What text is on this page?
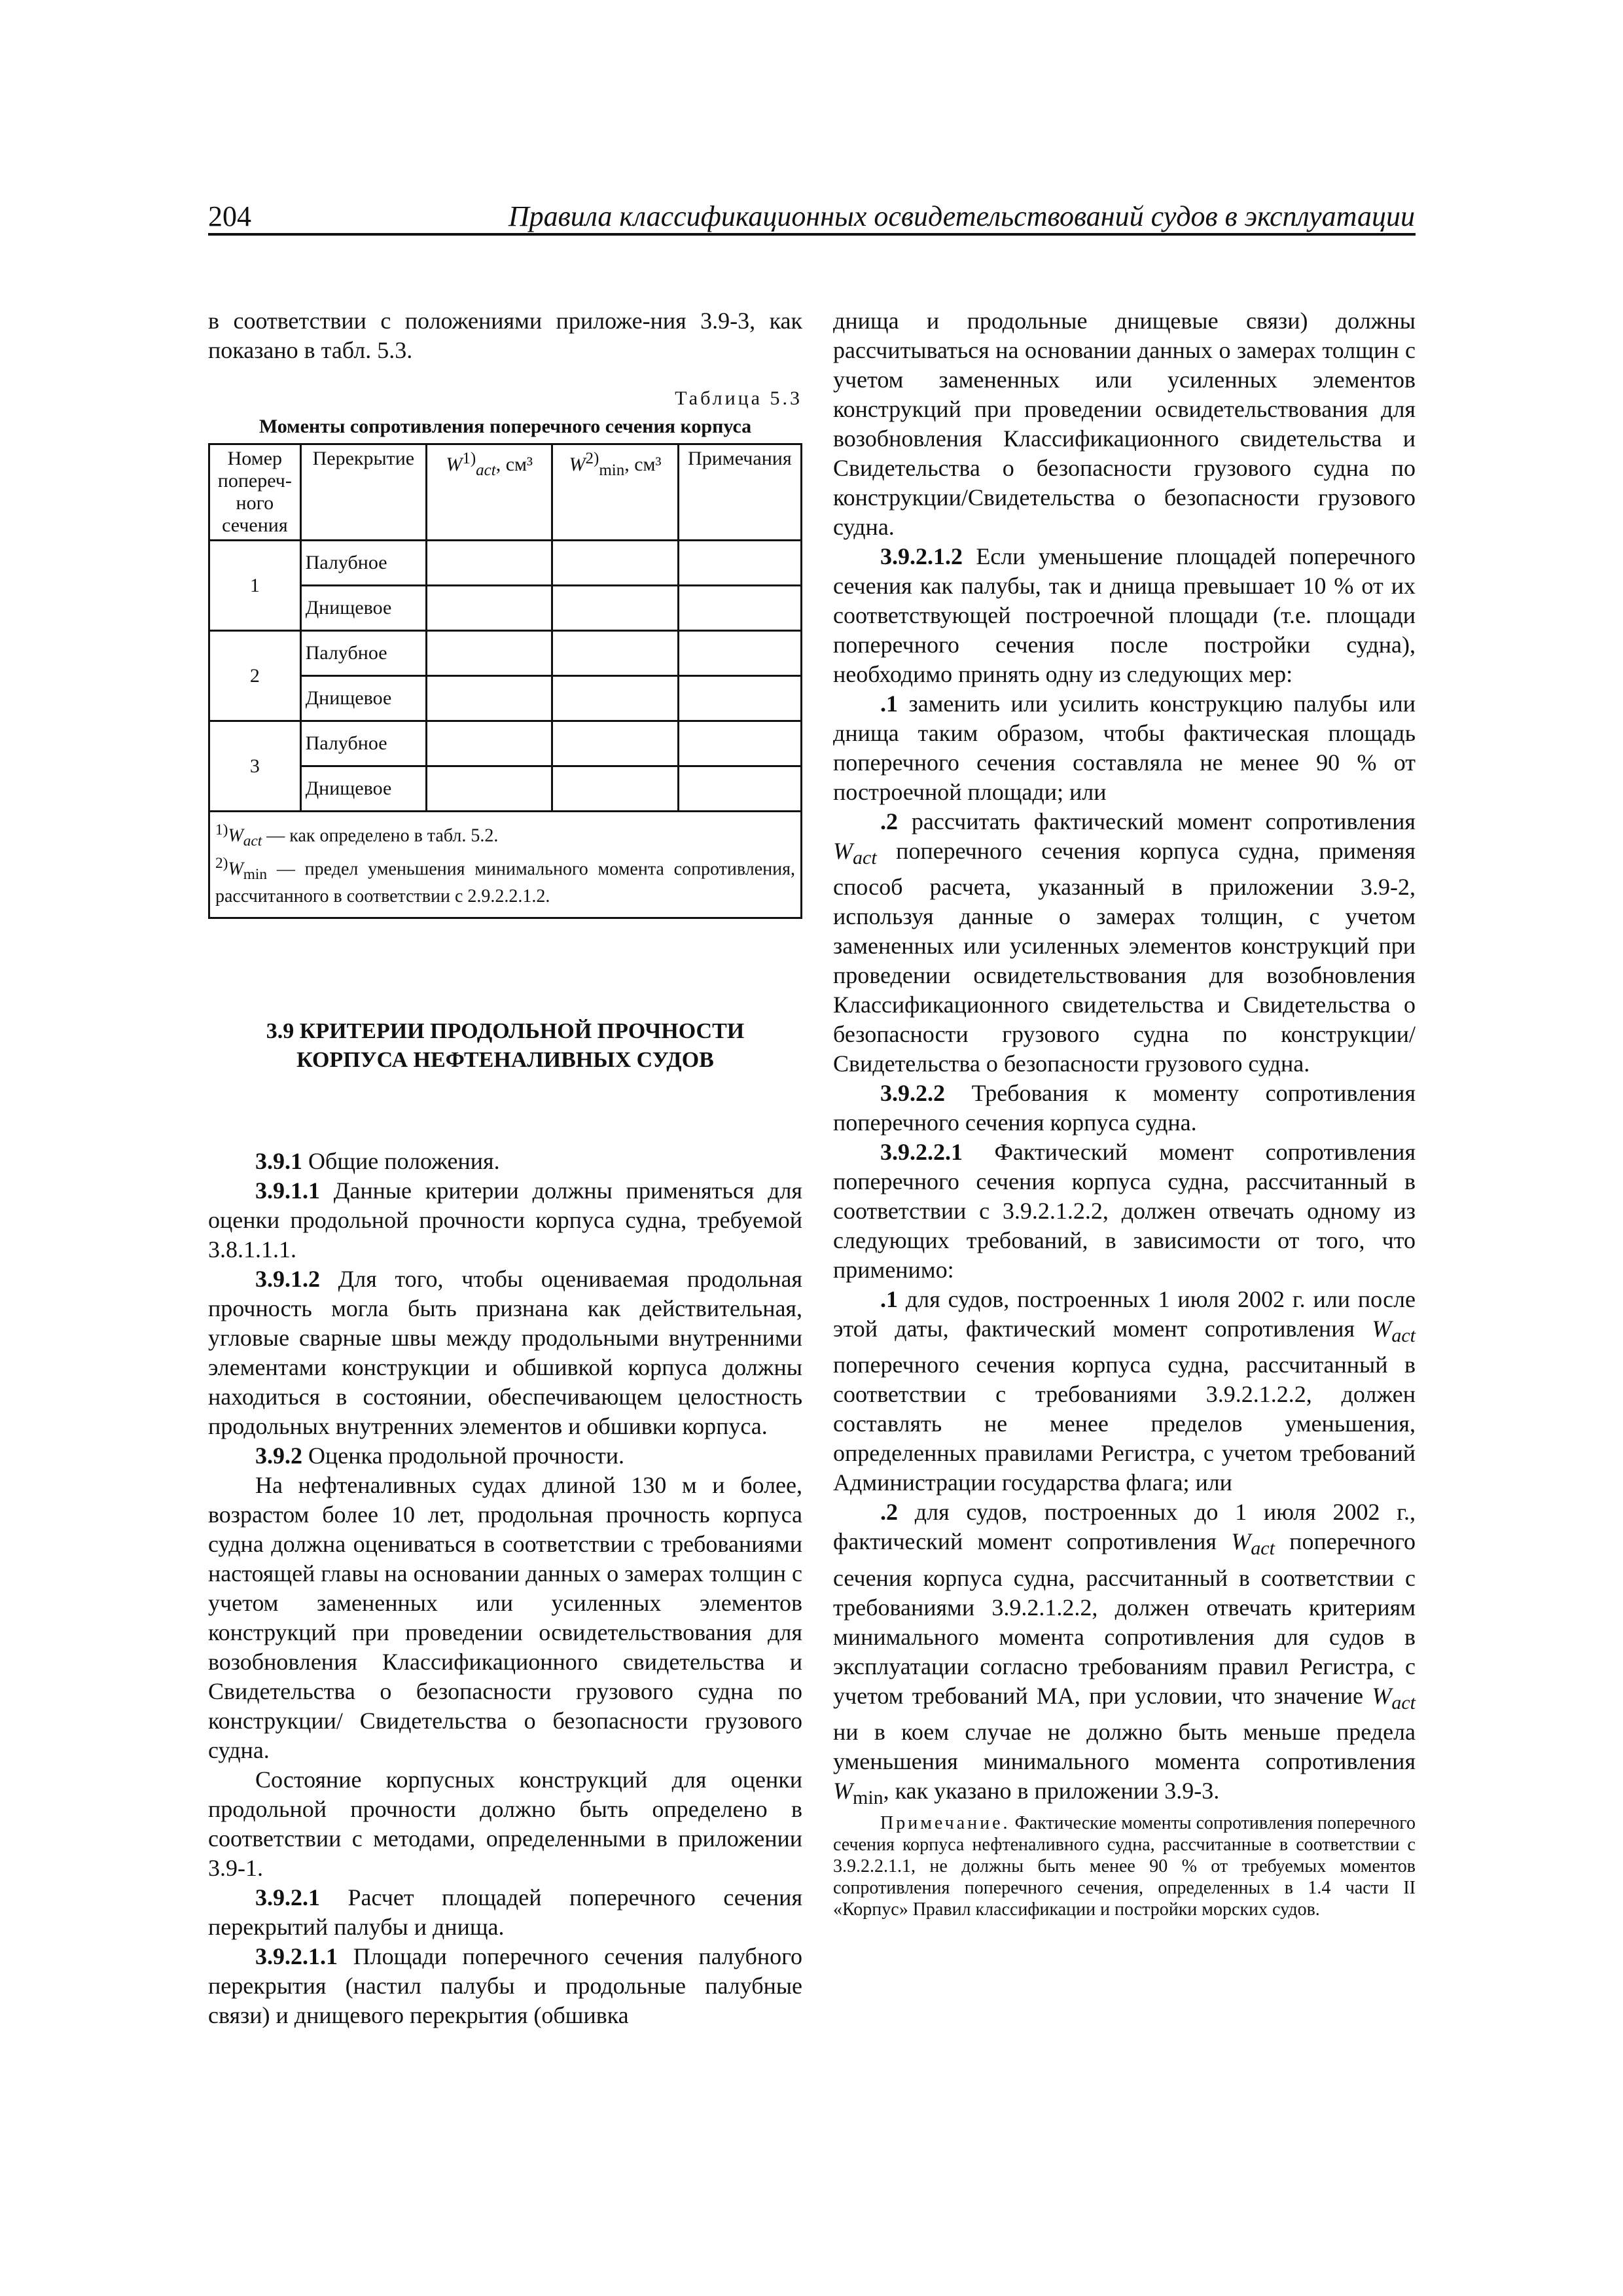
204	Правила классификационных освидетельствований судов в эксплуатации

в соответствии с положениями приложе-ния 3.9-3, как показано в табл. 5.3.

Таблица 5.3
Моменты сопротивления поперечного сечения корпуса
Номер попереч-ного сечения	Перекрытие	$W^{1)}_{act}$, см³	$W^{2)}_{min}$, см³	Примечания
1	Палубное			
	Днищевое			
2	Палубное			
	Днищевое			
3	Палубное			
	Днищевое			

$^{1)}W_{act}$ — как определено в табл. 5.2.
$^{2)}W_{min}$ — предел уменьшения минимального момента сопротивления, рассчитанного в соответствии с 2.9.2.2.1.2.				
3.9 КРИТЕРИИ ПРОДОЛЬНОЙ ПРОЧНОСТИ КОРПУСА НЕФТЕНАЛИВНЫХ СУДОВ

3.9.1 Общие положения.

3.9.1.1 Данные критерии должны применяться для оценки продольной прочности корпуса судна, требуемой 3.8.1.1.1.

3.9.1.2 Для того, чтобы оцениваемая продольная прочность могла быть признана как действительная, угловые сварные швы между продольными внутренними элементами конструкции и обшивкой корпуса должны находиться в состоянии, обеспечивающем целостность продольных внутренних элементов и обшивки корпуса.

3.9.2 Оценка продольной прочности.

На нефтеналивных судах длиной 130 м и более, возрастом более 10 лет, продольная прочность корпуса судна должна оцениваться в соответствии с требованиями настоящей главы на основании данных о замерах толщин с учетом замененных или усиленных элементов конструкций при проведении освидетельствования для возобновления Классификационного свидетельства и Свидетельства о безопасности грузового судна по конструкции/ Свидетельства о безопасности грузового судна.

Состояние корпусных конструкций для оценки продольной прочности должно быть определено в соответствии с методами, определенными в приложении 3.9-1.

3.9.2.1 Расчет площадей поперечного сечения перекрытий палубы и днища.

3.9.2.1.1 Площади поперечного сечения палубного перекрытия (настил палубы и продольные палубные связи) и днищевого перекрытия (обшивка

днища и продольные днищевые связи) должны рассчитываться на основании данных о замерах толщин с учетом замененных или усиленных элементов конструкций при проведении освидетельствования для возобновления Классификационного свидетельства и Свидетельства о безопасности грузового судна по конструкции/Свидетельства о безопасности грузового судна.

3.9.2.1.2 Если уменьшение площадей поперечного сечения как палубы, так и днища превышает 10 % от их соответствующей построечной площади (т.е. площади поперечного сечения после постройки судна), необходимо принять одну из следующих мер:

.1 заменить или усилить конструкцию палубы или днища таким образом, чтобы фактическая площадь поперечного сечения составляла не менее 90 % от построечной площади; или

.2 рассчитать фактический момент сопротивления $W_{act}$ поперечного сечения корпуса судна, применяя способ расчета, указанный в приложении 3.9-2, используя данные о замерах толщин, с учетом замененных или усиленных элементов конструкций при проведении освидетельствования для возобновления Классификационного свидетельства и Свидетельства о безопасности грузового судна по конструкции/Свидетельства о безопасности грузового судна.

3.9.2.2 Требования к моменту сопротивления поперечного сечения корпуса судна.

3.9.2.2.1 Фактический момент сопротивления поперечного сечения корпуса судна, рассчитанный в соответствии с 3.9.2.1.2.2, должен отвечать одному из следующих требований, в зависимости от того, что применимо:

.1 для судов, построенных 1 июля 2002 г. или после этой даты, фактический момент сопротивления $W_{act}$ поперечного сечения корпуса судна, рассчитанный в соответствии с требованиями 3.9.2.1.2.2, должен составлять не менее пределов уменьшения, определенных правилами Регистра, с учетом требований Администрации государства флага; или

.2 для судов, построенных до 1 июля 2002 г., фактический момент сопротивления $W_{act}$ поперечного сечения корпуса судна, рассчитанный в соответствии с требованиями 3.9.2.1.2.2, должен отвечать критериям минимального момента сопротивления для судов в эксплуатации согласно требованиям правил Регистра, с учетом требований МА, при условии, что значение $W_{act}$ ни в коем случае не должно быть меньше предела уменьшения минимального момента сопротивления $W_{min}$, как указано в приложении 3.9-3.

Примечание. Фактические моменты сопротивления поперечного сечения корпуса нефтеналивного судна, рассчитанные в соответствии с 3.9.2.2.1.1, не должны быть менее 90 % от требуемых моментов сопротивления поперечного сечения, определенных в 1.4 части II «Корпус» Правил классификации и постройки морских судов.
